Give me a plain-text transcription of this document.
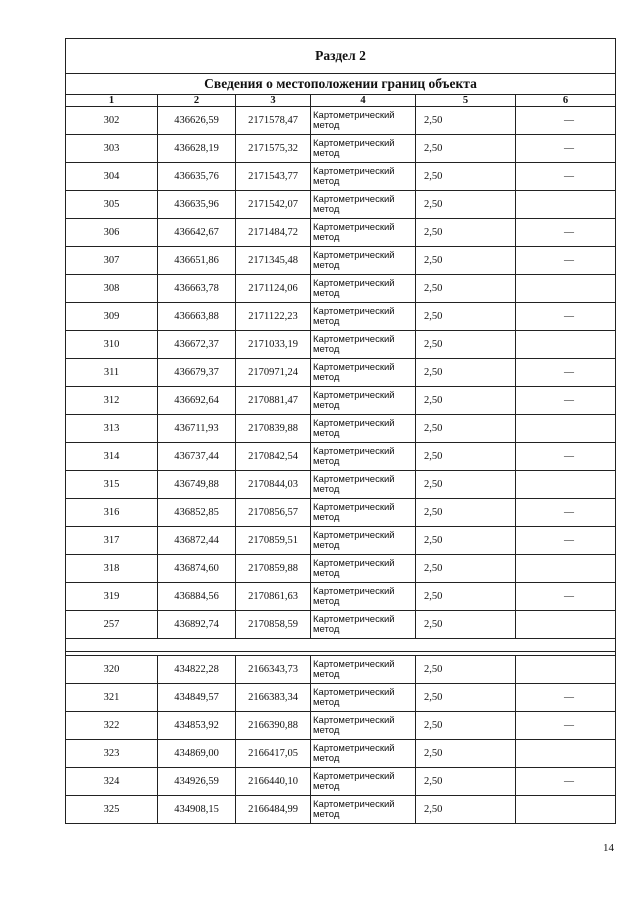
Раздел 2					
Сведения о местоположении границ объекта					
1	2	3	4	5	6
302	436626,59	2171578,47	Картометрический метод	2,50	—
303	436628,19	2171575,32	Картометрический метод	2,50	—
304	436635,76	2171543,77	Картометрический метод	2,50	—
305	436635,96	2171542,07	Картометрический метод	2,50	
306	436642,67	2171484,72	Картометрический метод	2,50	—
307	436651,86	2171345,48	Картометрический метод	2,50	—
308	436663,78	2171124,06	Картометрический метод	2,50	
309	436663,88	2171122,23	Картометрический метод	2,50	—
310	436672,37	2171033,19	Картометрический метод	2,50	
311	436679,37	2170971,24	Картометрический метод	2,50	—
312	436692,64	2170881,47	Картометрический метод	2,50	—
313	436711,93	2170839,88	Картометрический метод	2,50	
314	436737,44	2170842,54	Картометрический метод	2,50	—
315	436749,88	2170844,03	Картометрический метод	2,50	
316	436852,85	2170856,57	Картометрический метод	2,50	—
317	436872,44	2170859,51	Картометрический метод	2,50	—
318	436874,60	2170859,88	Картометрический метод	2,50	
319	436884,56	2170861,63	Картометрический метод	2,50	—
257	436892,74	2170858,59	Картометрический метод	2,50	

320	434822,28	2166343,73	Картометрический метод	2,50	
321	434849,57	2166383,34	Картометрический метод	2,50	—
322	434853,92	2166390,88	Картометрический метод	2,50	—
323	434869,00	2166417,05	Картометрический метод	2,50	
324	434926,59	2166440,10	Картометрический метод	2,50	—
325	434908,15	2166484,99	Картометрический метод	2,50	
14
